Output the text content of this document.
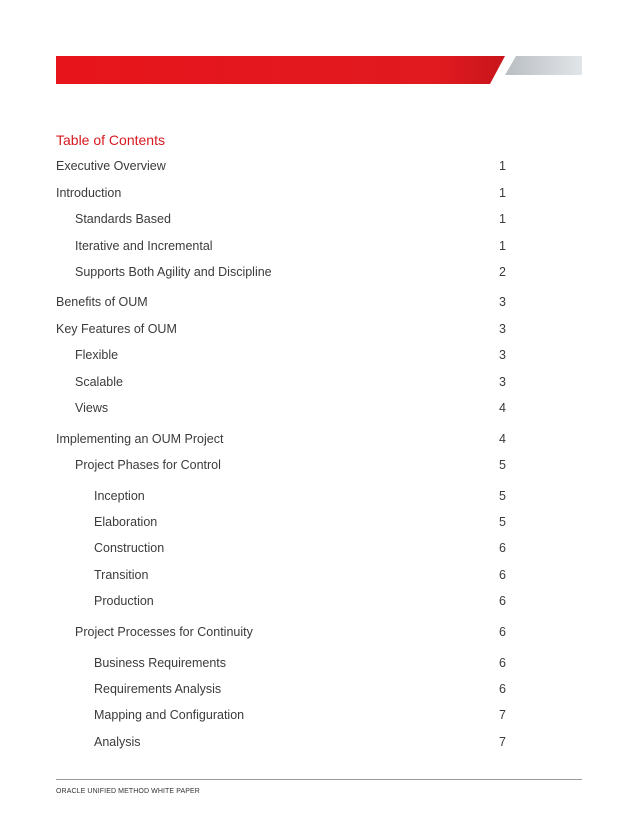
Table of Contents
Executive Overview	1
Introduction	1
Standards Based	1
Iterative and Incremental	1
Supports Both Agility and Discipline	2
Benefits of OUM	3
Key Features of OUM	3
Flexible	3
Scalable	3
Views	4
Implementing an OUM Project	4
Project Phases for Control	5
Inception	5
Elaboration	5
Construction	6
Transition	6
Production	6
Project Processes for Continuity	6
Business Requirements	6
Requirements Analysis	6
Mapping and Configuration	7
Analysis	7
ORACLE UNIFIED METHOD WHITE PAPER
